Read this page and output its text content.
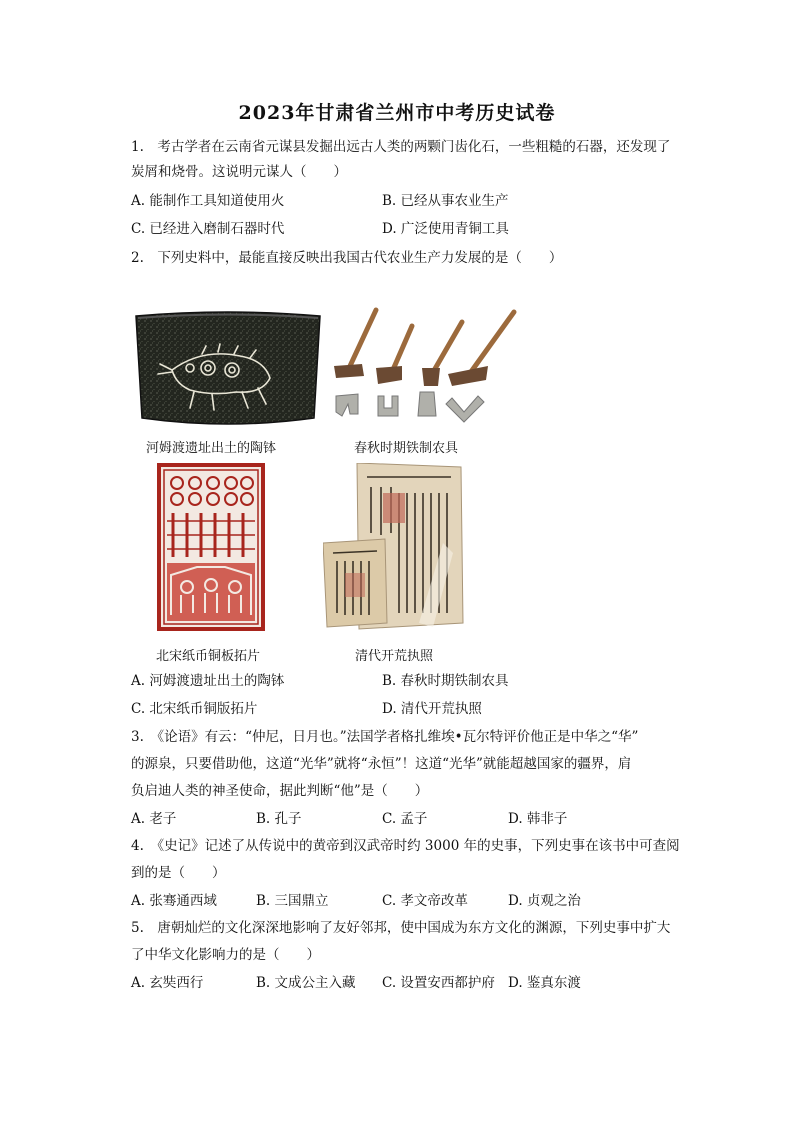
2023年甘肃省兰州市中考历史试卷
1.　考古学者在云南省元谋县发掘出远古人类的两颗门齿化石，一些粗糙的石器，还发现了
炭屑和烧骨。这说明元谋人（　　）
A. 能制作工具知道使用火	B. 已经从事农业生产
C. 已经进入磨制石器时代	D. 广泛使用青铜工具
2.　下列史料中，最能直接反映出我国古代农业生产力发展的是（　　）
河姆渡遗址出土的陶钵	春秋时期铁制农具
北宋纸币铜板拓片	清代开荒执照
A. 河姆渡遗址出土的陶钵	B. 春秋时期铁制农具
C. 北宋纸币铜版拓片	D. 清代开荒执照
3.　《论语》有云：“仲尼，日月也。”法国学者格扎维埃•瓦尔特评价他正是中华之“华”
的源泉，只要借助他，这道“光华”就将“永恒”！这道“光华”就能超越国家的疆界，肩
负启迪人类的神圣使命，据此判断“他”是（　　）
A. 老子	B. 孔子	C. 孟子	D. 韩非子
4.　《史记》记述了从传说中的黄帝到汉武帝时约 3000 年的史事，下列史事在该书中可查阅
到的是（　　）
A. 张骞通西域	B. 三国鼎立	C. 孝文帝改革	D. 贞观之治
5.　唐朝灿烂的文化深深地影响了友好邻邦，使中国成为东方文化的渊源，下列史事中扩大
了中华文化影响力的是（　　）
A. 玄奘西行	B. 文成公主入藏 C. 设置安西都护府 D. 鉴真东渡
